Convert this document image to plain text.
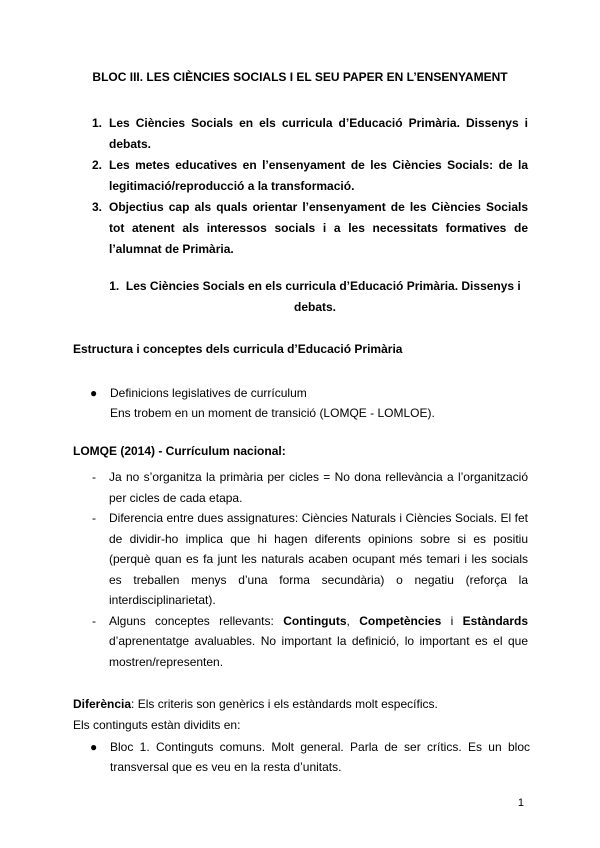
BLOC III. LES CIÈNCIES SOCIALS I EL SEU PAPER EN L’ENSENYAMENT
1. Les Ciències Socials en els curricula d’Educació Primària. Dissenys i debats.
2. Les metes educatives en l’ensenyament de les Ciències Socials: de la legitimació/reproducció a la transformació.
3. Objectius cap als quals orientar l’ensenyament de les Ciències Socials tot atenent als interessos socials i a les necessitats formatives de l’alumnat de Primària.
1. Les Ciències Socials en els curricula d’Educació Primària. Dissenys i
debats.
Estructura i conceptes dels curricula d’Educació Primària
● Definicions legislatives de currículum
Ens trobem en un moment de transició (LOMQE - LOMLOE).
LOMQE (2014) - Currículum nacional:
- Ja no s’organitza la primària per cicles = No dona rellevància a l’organització per cicles de cada etapa.
- Diferencia entre dues assignatures: Ciències Naturals i Ciències Socials. El fet de dividir-ho implica que hi hagen diferents opinions sobre si es positiu (perquè quan es fa junt les naturals acaben ocupant més temari i les socials es treballen menys d’una forma secundària) o negatiu (reforça la interdisciplinarietat).
- Alguns conceptes rellevants: Continguts, Competències i Estàndards d’aprenentatge avaluables. No important la definició, lo important es el que mostren/representen.
Diferència: Els criteris son genèrics i els estàndards molt específics.
Els continguts estàn dividits en:
● Bloc 1. Continguts comuns. Molt general. Parla de ser crítics. Es un bloc transversal que es veu en la resta d’unitats.
1
